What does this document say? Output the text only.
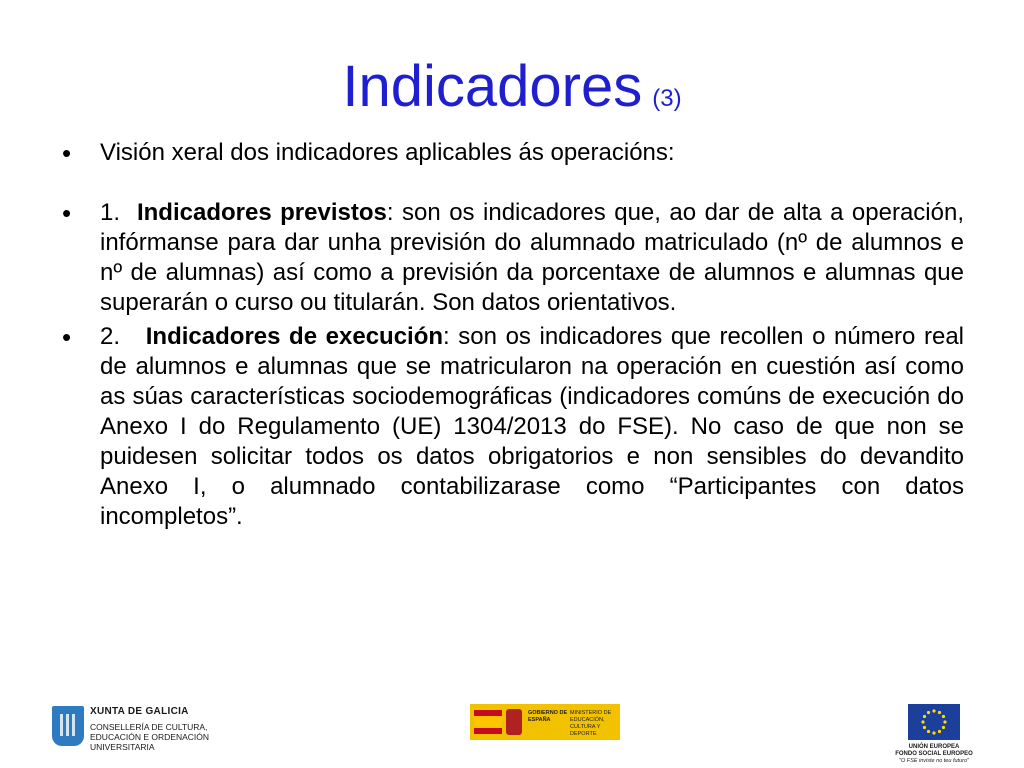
Indicadores (3)
• Visión xeral dos indicadores aplicables ás operacións:
• 1. Indicadores previstos: son os indicadores que, ao dar de alta a operación, infórmanse para dar unha previsión do alumnado matriculado (nº de alumnos e nº de alumnas) así como a previsión da porcentaxe de alumnos e alumnas que superarán o curso ou titularán. Son datos orientativos.
• 2. Indicadores de execución: son os indicadores que recollen o número real de alumnos e alumnas que se matricularon na operación en cuestión así como as súas características sociodemográficas (indicadores comúns de execución do Anexo I do Regulamento (UE) 1304/2013 do FSE). No caso de que non se puidesen solicitar todos os datos obrigatorios e non sensibles do devandito Anexo I, o alumnado contabilizarase como “Participantes con datos incompletos”.
XUNTA DE GALICIA
CONSELLERÍA DE CULTURA, EDUCACIÓN E ORDENACIÓN UNIVERSITARIA
GOBIERNO DE ESPAÑA
MINISTERIO DE EDUCACIÓN, CULTURA Y DEPORTE
UNIÓN EUROPEA
FONDO SOCIAL EUROPEO
"O FSE inviste no teu futuro"
